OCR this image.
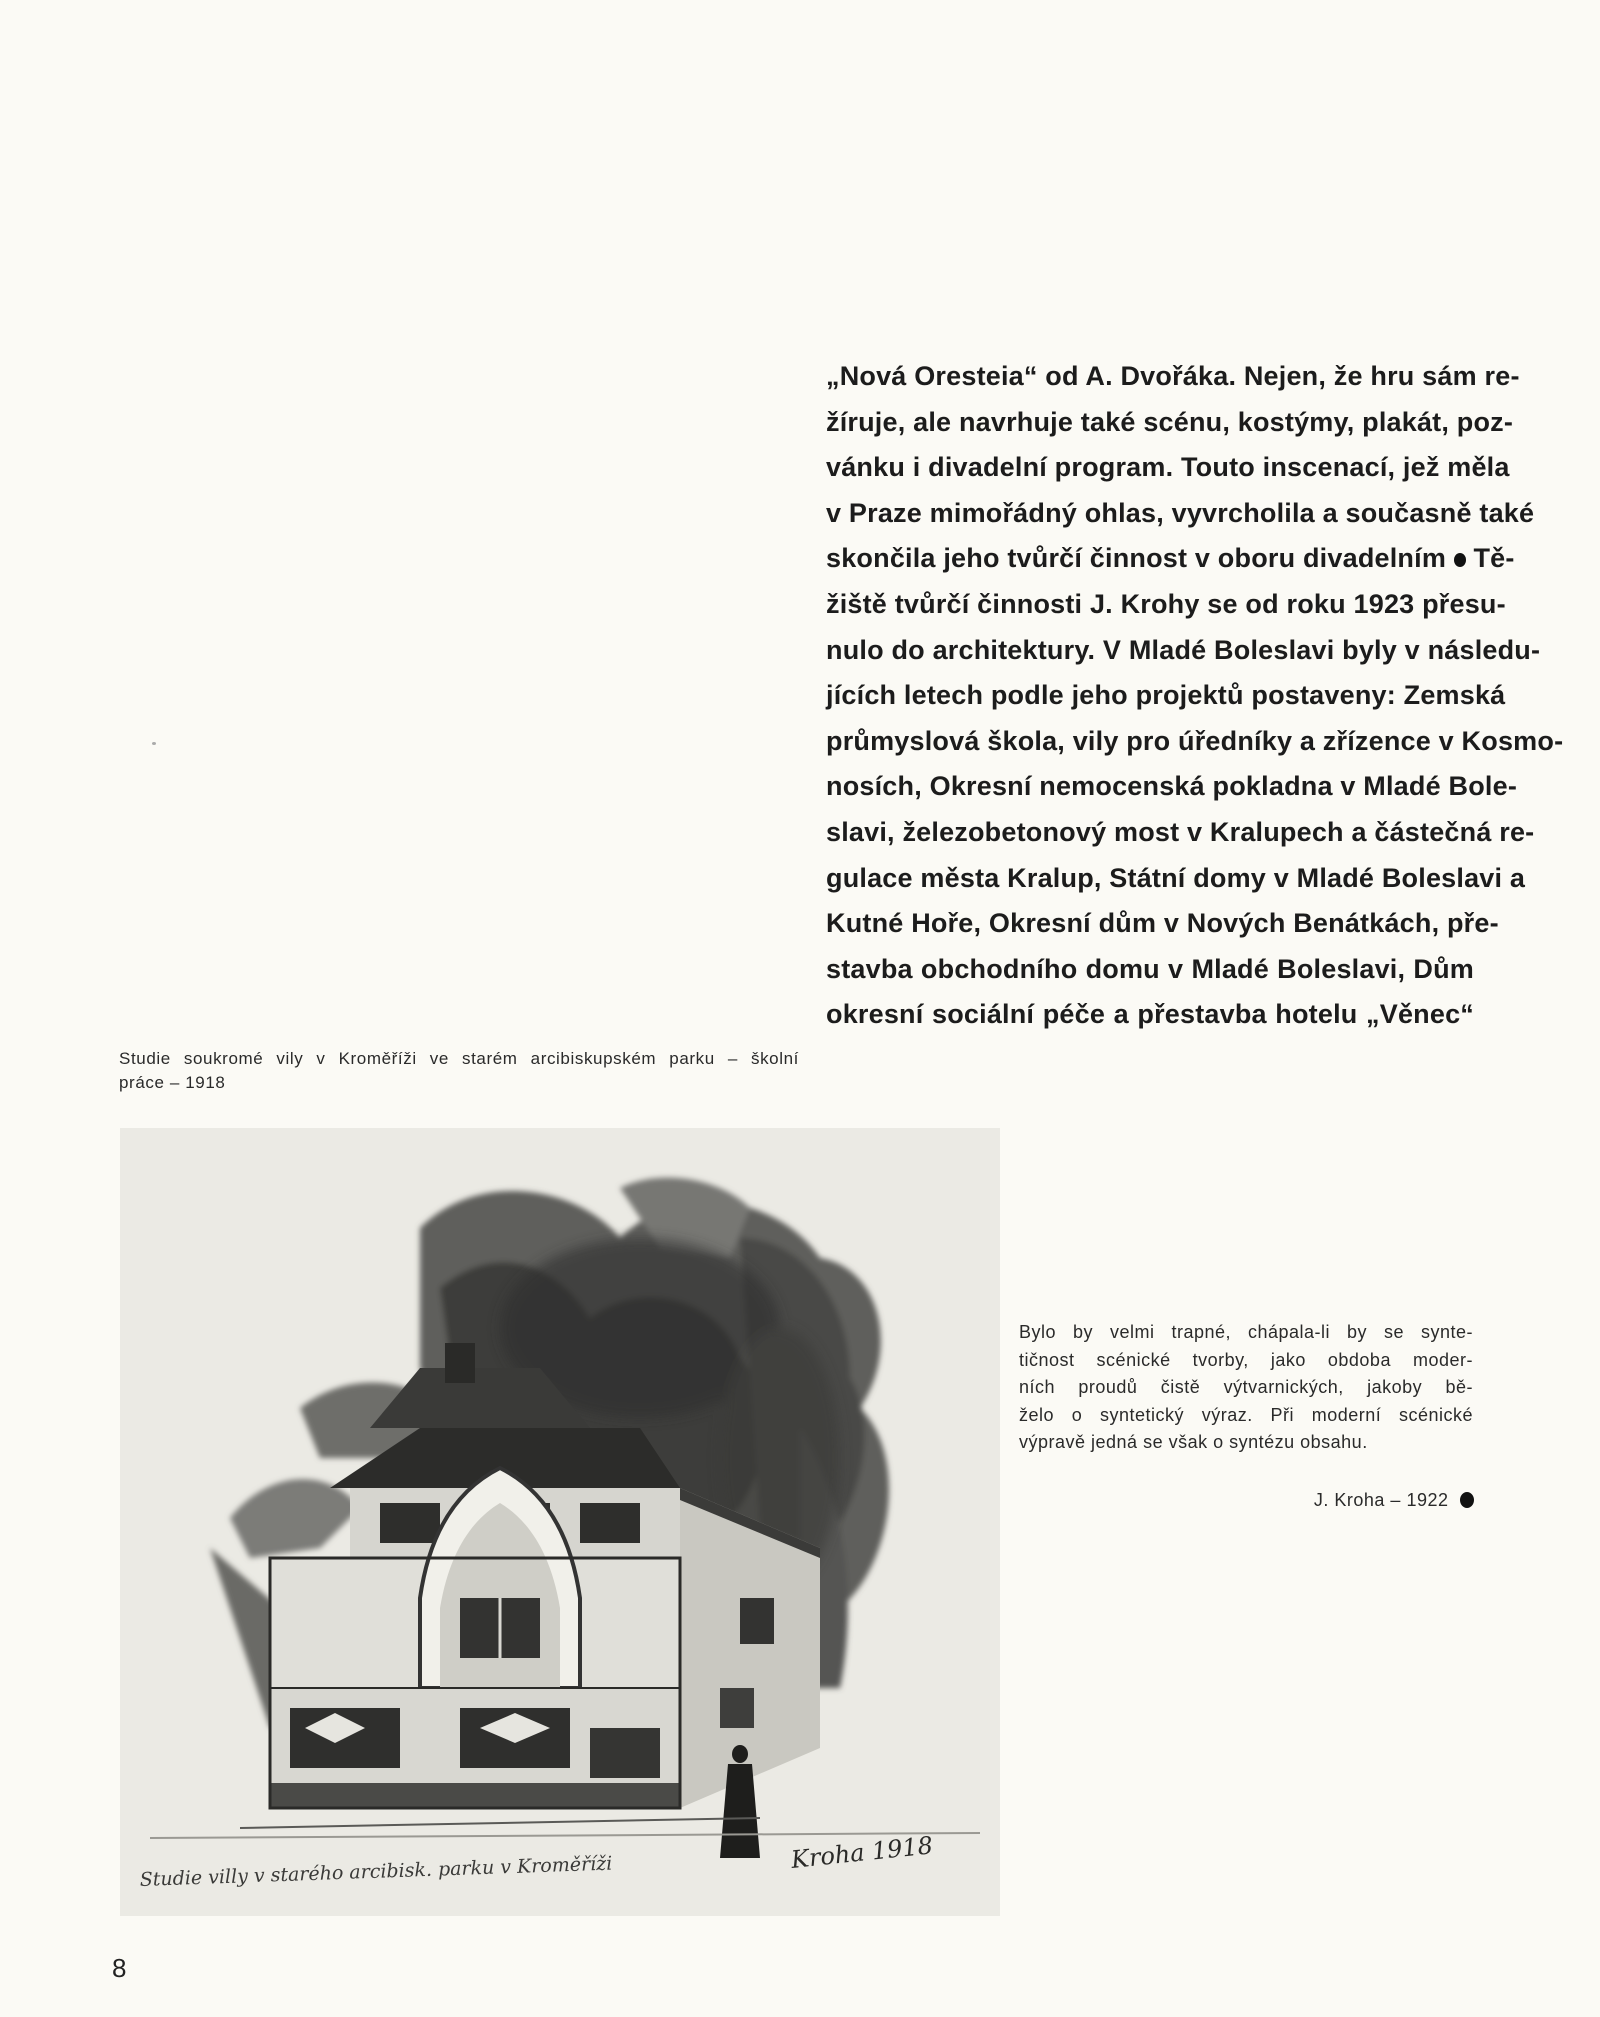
„Nová Oresteia“ od A. Dvořáka. Nejen, že hru sám re-
žíruje, ale navrhuje také scénu, kostýmy, plakát, poz-
vánku i divadelní program. Touto inscenací, jež měla
v Praze mimořádný ohlas, vyvrcholila a současně také
skončila jeho tvůrčí činnost v oboru divadelním Tě-
žiště tvůrčí činnosti J. Krohy se od roku 1923 přesu-
nulo do architektury. V Mladé Boleslavi byly v následu-
jících letech podle jeho projektů postaveny: Zemská
průmyslová škola, vily pro úředníky a zřízence v Kosmo-
nosích, Okresní nemocenská pokladna v Mladé Bole-
slavi, železobetonový most v Kralupech a částečná re-
gulace města Kralup, Státní domy v Mladé Boleslavi a
Kutné Hoře, Okresní dům v Nových Benátkách, pře-
stavba obchodního domu v Mladé Boleslavi, Dům
okresní sociální péče a přestavba hotelu „Věnec“
Studie soukromé vily v Kroměříži ve starém arcibiskupském parku – školní
práce – 1918
Studie villy v starého arcibisk. parku v Kroměříži	Kroha 1918
Bylo by velmi trapné, chápala-li by se synte-
tičnost scénické tvorby, jako obdoba moder-
ních proudů čistě výtvarnických, jakoby bě-
želo o syntetický výraz. Při moderní scénické
výpravě jedná se však o syntézu obsahu.
J. Kroha – 1922
8
